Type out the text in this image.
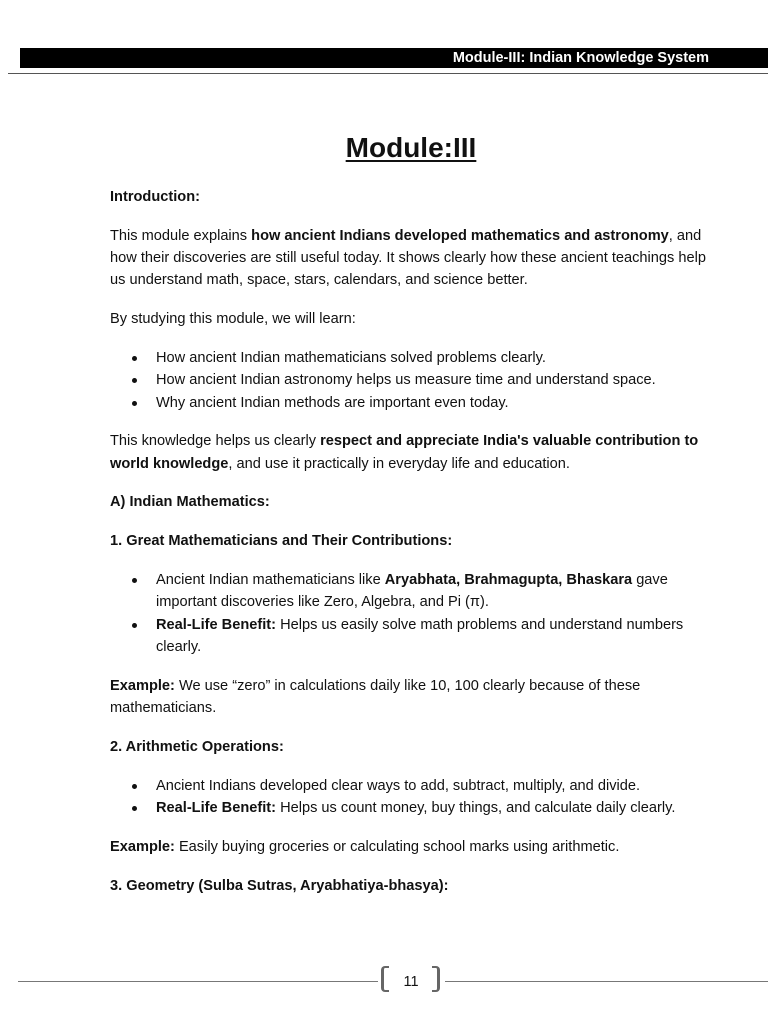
Module-III: Indian Knowledge System
Module:III
Introduction:

This module explains how ancient Indians developed mathematics and astronomy, and how their discoveries are still useful today. It shows clearly how these ancient teachings help us understand math, space, stars, calendars, and science better.

By studying this module, we will learn:

How ancient Indian mathematicians solved problems clearly.
How ancient Indian astronomy helps us measure time and understand space.
Why ancient Indian methods are important even today.

This knowledge helps us clearly respect and appreciate India's valuable contribution to world knowledge, and use it practically in everyday life and education.

A) Indian Mathematics:
1. Great Mathematicians and Their Contributions:
Ancient Indian mathematicians like Aryabhata, Brahmagupta, Bhaskara gave important discoveries like Zero, Algebra, and Pi (π).
Real-Life Benefit: Helps us easily solve math problems and understand numbers clearly.

Example: We use “zero” in calculations daily like 10, 100 clearly because of these mathematicians.

2. Arithmetic Operations:
Ancient Indians developed clear ways to add, subtract, multiply, and divide.
Real-Life Benefit: Helps us count money, buy things, and calculate daily clearly.

Example: Easily buying groceries or calculating school marks using arithmetic.

3. Geometry (Sulba Sutras, Aryabhatiya-bhasya):
11
